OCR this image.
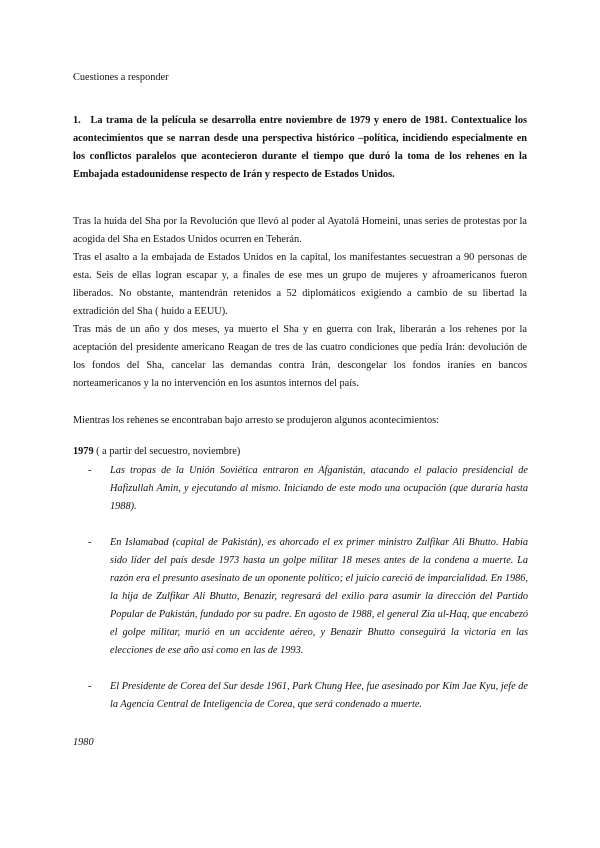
Cuestiones a responder
1. La trama de la película se desarrolla entre noviembre de 1979 y enero de 1981. Contextualice los acontecimientos que se narran desde una perspectiva histórico –política, incidiendo especialmente en los conflictos paralelos que acontecieron durante el tiempo que duró la toma de los rehenes en la Embajada estadounidense respecto de Irán y respecto de Estados Unidos.
Tras la huida del Sha por la Revolución que llevó al poder al Ayatolá Homeini, unas series de protestas por la acogida del Sha en Estados Unidos ocurren en Teherán.
Tras el asalto a la embajada de Estados Unidos en la capital, los manifestantes secuestran a 90 personas de esta. Seis de ellas logran escapar y, a finales de ese mes un grupo de mujeres y afroamericanos fueron liberados. No obstante, mantendrán retenidos a 52 diplomáticos exigiendo a cambio de su libertad la extradición del Sha ( huido a EEUU).
Tras más de un año y dos meses, ya muerto el Sha y en guerra con Irak, liberarán a los rehenes por la aceptación del presidente americano Reagan de tres de las cuatro condiciones que pedía Irán: devolución de los fondos del Sha, cancelar las demandas contra Irán, descongelar los fondos iraníes en bancos norteamericanos y la no intervención en los asuntos internos del país.
Mientras los rehenes se encontraban bajo arresto se produjeron algunos acontecimientos:
1979 ( a partir del secuestro, noviembre)
- Las tropas de la Unión Soviética entraron en Afganistán, atacando el palacio presidencial de Hafizullah Amin, y ejecutando al mismo. Iniciando de este modo una ocupación (que duraría hasta 1988).
- En Islamabad (capital de Pakistán), es ahorcado el ex primer ministro Zulfikar Ali Bhutto. Había sido líder del país desde 1973 hasta un golpe militar 18 meses antes de la condena a muerte. La razón era el presunto asesinato de un oponente político; el juicio careció de imparcialidad. En 1986, la hija de Zulfikar Ali Bhutto, Benazir, regresará del exilio para asumir la dirección del Partido Popular de Pakistán, fundado por su padre. En agosto de 1988, el general Zia ul-Haq, que encabezó el golpe militar, murió en un accidente aéreo, y Benazir Bhutto conseguirá la victoria en las elecciones de ese año así como en las de 1993.
- El Presidente de Corea del Sur desde 1961, Park Chung Hee, fue asesinado por Kim Jae Kyu, jefe de la Agencia Central de Inteligencia de Corea, que será condenado a muerte.
1980
